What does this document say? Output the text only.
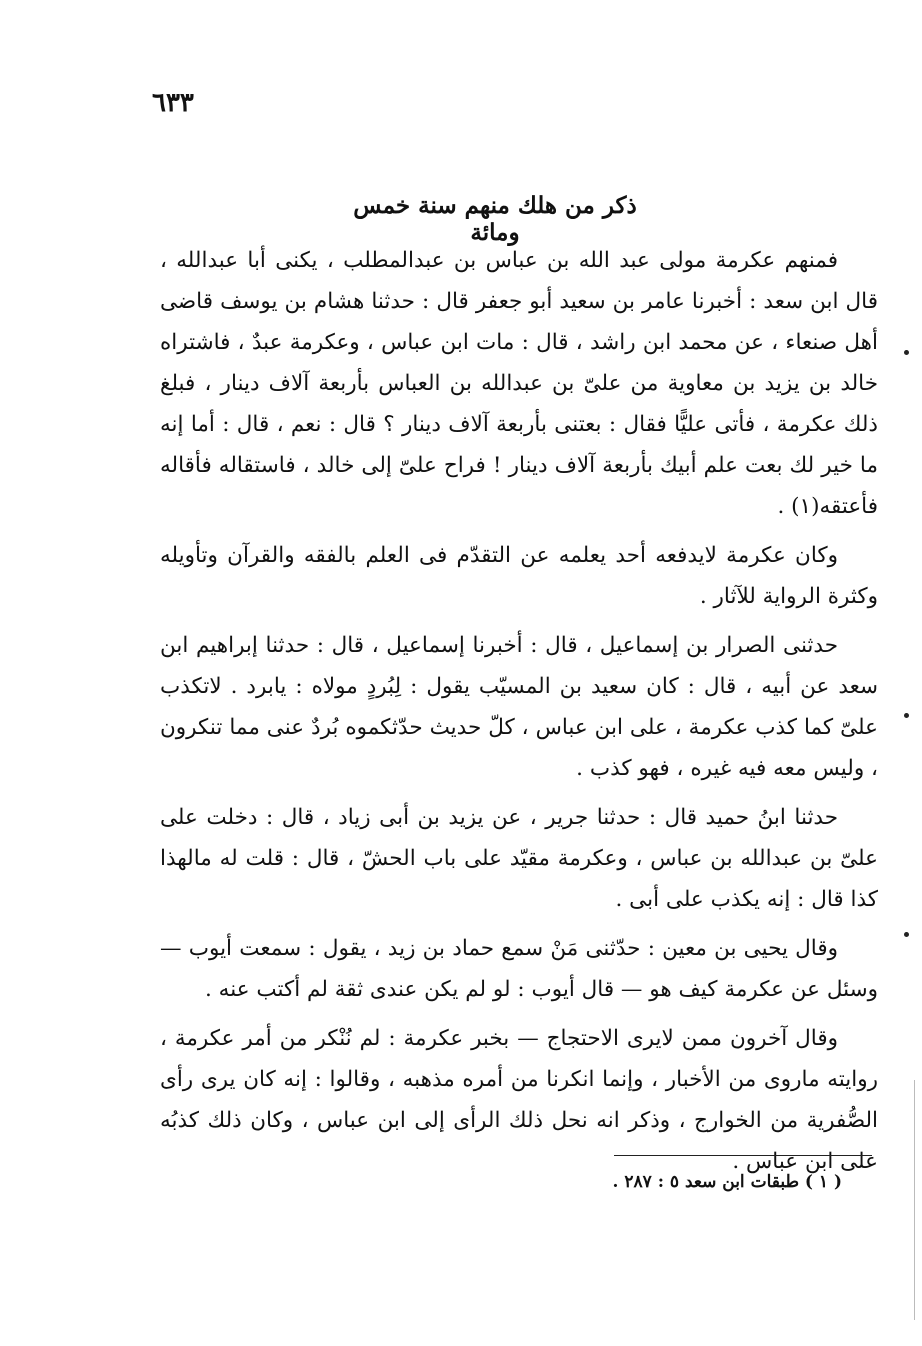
٦٣٣
ذكر من هلك منهم سنة خمس ومائة

فمنهم عكرمة مولى عبد الله بن عباس بن عبدالمطلب ، يكنى أبا عبدالله ، قال ابن سعد : أخبرنا عامر بن سعيد أبو جعفر قال : حدثنا هشام بن يوسف قاضى أهل صنعاء ، عن محمد ابن راشد ، قال : مات ابن عباس ، وعكرمة عبدٌ ، فاشتراه خالد بن يزيد بن معاوية من علىّ بن عبدالله بن العباس بأربعة آلاف دينار ، فبلغ ذلك عكرمة ، فأتى عليًّا فقال : بعتنى بأربعة آلاف دينار ؟ قال : نعم ، قال : أما إنه ما خير لك بعت علم أبيك بأربعة آلاف دينار ! فراح علىّ إلى خالد ، فاستقاله فأقاله فأعتقه(١) .

وكان عكرمة لايدفعه أحد يعلمه عن التقدّم فى العلم بالفقه والقرآن وتأويله وكثرة الرواية للآثار .

حدثنى الصرار بن إسماعيل ، قال : أخبرنا إسماعيل ، قال : حدثنا إبراهيم ابن سعد عن أبيه ، قال : كان سعيد بن المسيّب يقول : لِبُردٍ مولاه : يابرد . لاتكذب علىّ كما كذب عكرمة ، على ابن عباس ، كلّ حديث حدّثكموه بُردٌ عنى مما تنكرون ، وليس معه فيه غيره ، فهو كذب .

حدثنا ابنُ حميد قال : حدثنا جرير ، عن يزيد بن أبى زياد ، قال : دخلت على علىّ بن عبدالله بن عباس ، وعكرمة مقيّد على باب الحشّ ، قال : قلت له مالهذا كذا قال : إنه يكذب على أبى .

وقال يحيى بن معين : حدّثنى مَنْ سمع حماد بن زيد ، يقول : سمعت أيوب — وسئل عن عكرمة كيف هو — قال أيوب : لو لم يكن عندى ثقة لم أكتب عنه .

وقال آخرون ممن لايرى الاحتجاج — بخبر عكرمة : لم نُنْكر من أمر عكرمة ، روايته ماروى من الأخبار ، وإنما انكرنا من أمره مذهبه ، وقالوا : إنه كان يرى رأى الصُّفرية من الخوارج ، وذكر انه نحل ذلك الرأى إلى ابن عباس ، وكان ذلك كذبُه على ابن عباس .

( ١ ) طبقات ابن سعد ٥ : ٢٨٧ .
